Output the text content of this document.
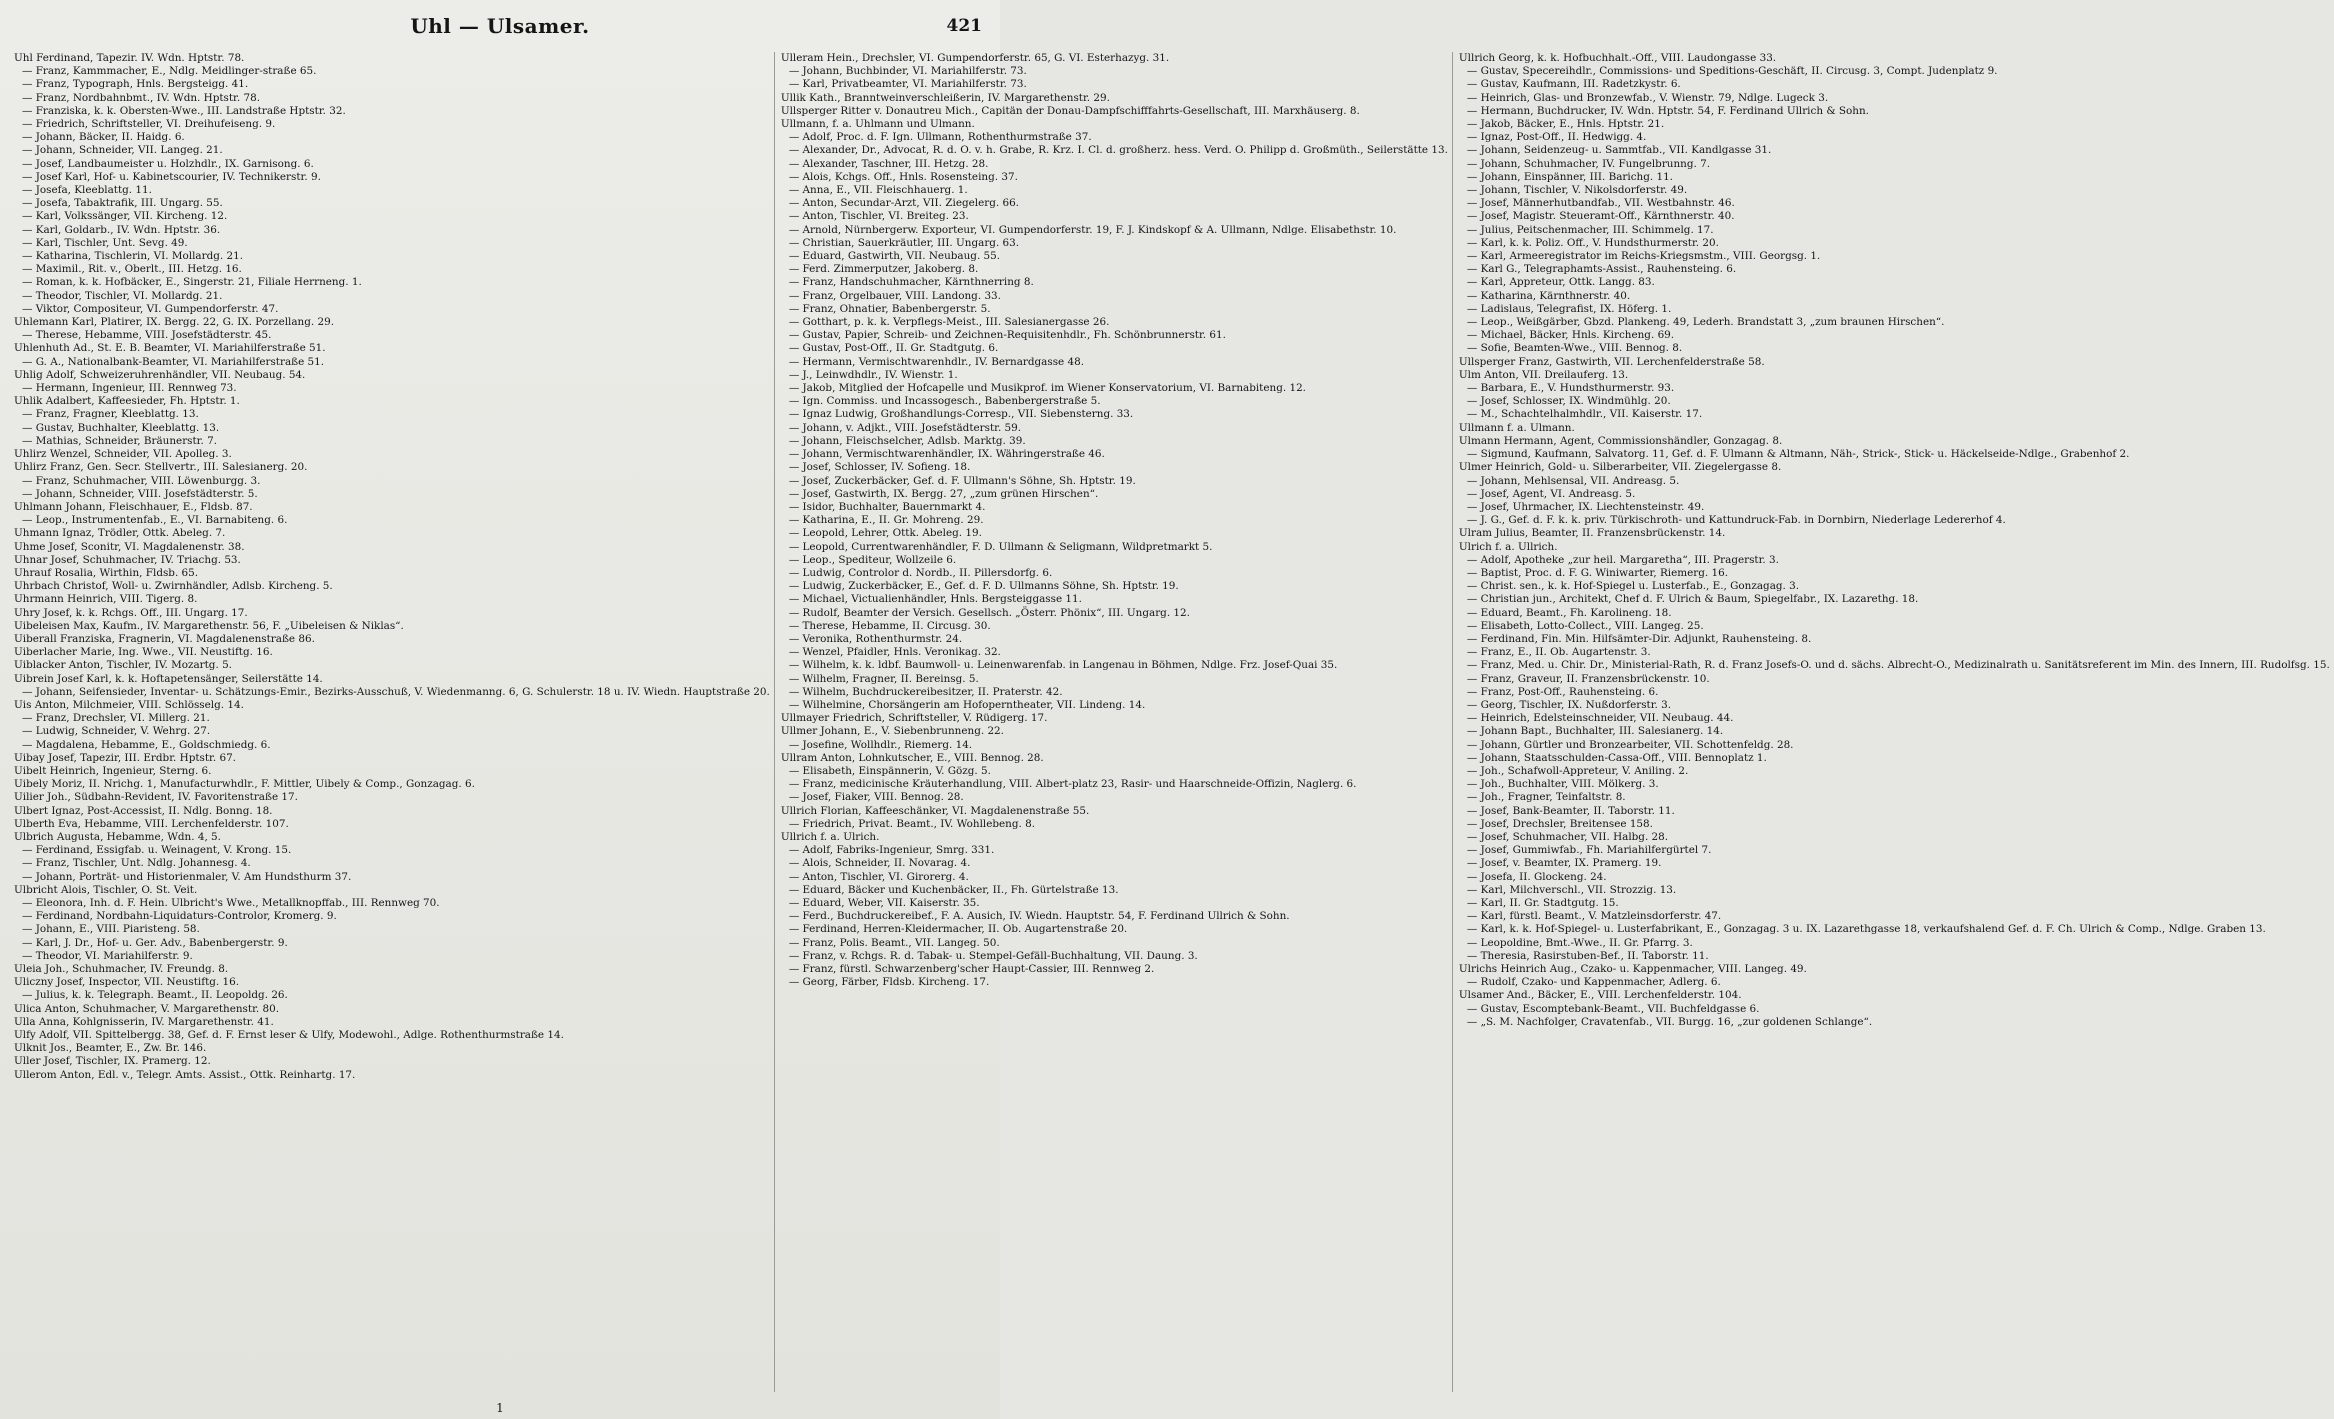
Uhl — Ulsamer.	421

Uhl Ferdinand, Tapezir. IV. Wdn. Hptstr. 78.

— Franz, Kammmacher, E., Ndlg. Meidlinger-straße 65.

— Franz, Typograph, Hnls. Bergsteigg. 41.

— Franz, Nordbahnbmt., IV. Wdn. Hptstr. 78.

— Franziska, k. k. Obersten-Wwe., III. Landstraße Hptstr. 32.

— Friedrich, Schriftsteller, VI. Dreihufeiseng. 9.

— Johann, Bäcker, II. Haidg. 6.

— Johann, Schneider, VII. Langeg. 21.

— Josef, Landbaumeister u. Holzhdlr., IX. Garnisong. 6.

— Josef Karl, Hof- u. Kabinetscourier, IV. Technikerstr. 9.

— Josefa, Kleeblattg. 11.

— Josefa, Tabaktrafik, III. Ungarg. 55.

— Karl, Volkssänger, VII. Kircheng. 12.

— Karl, Goldarb., IV. Wdn. Hptstr. 36.

— Karl, Tischler, Unt. Sevg. 49.

— Katharina, Tischlerin, VI. Mollardg. 21.

— Maximil., Rit. v., Oberlt., III. Hetzg. 16.

— Roman, k. k. Hofbäcker, E., Singerstr. 21, Filiale Herrneng. 1.

— Theodor, Tischler, VI. Mollardg. 21.

— Viktor, Compositeur, VI. Gumpendorferstr. 47.

Uhlemann Karl, Platirer, IX. Bergg. 22, G. IX. Porzellang. 29.

— Therese, Hebamme, VIII. Josefstädterstr. 45.

Uhlenhuth Ad., St. E. B. Beamter, VI. Mariahilferstraße 51.

— G. A., Nationalbank-Beamter, VI. Mariahilferstraße 51.

Uhlig Adolf, Schweizeruhrenhändler, VII. Neubaug. 54.

— Hermann, Ingenieur, III. Rennweg 73.

Uhlik Adalbert, Kaffeesieder, Fh. Hptstr. 1.

— Franz, Fragner, Kleeblattg. 13.

— Gustav, Buchhalter, Kleeblattg. 13.

— Mathias, Schneider, Bräunerstr. 7.

Uhlirz Wenzel, Schneider, VII. Apolleg. 3.

Uhlirz Franz, Gen. Secr. Stellvertr., III. Salesianerg. 20.

— Franz, Schuhmacher, VIII. Löwenburgg. 3.

— Johann, Schneider, VIII. Josefstädterstr. 5.

Uhlmann Johann, Fleischhauer, E., Fldsb. 87.

— Leop., Instrumentenfab., E., VI. Barnabiteng. 6.

Uhmann Ignaz, Trödler, Ottk. Abeleg. 7.

Uhme Josef, Sconitr, VI. Magdalenenstr. 38.

Uhnar Josef, Schuhmacher, IV. Triachg. 53.

Uhrauf Rosalia, Wirthin, Fldsb. 65.

Uhrbach Christof, Woll- u. Zwirnhändler, Adlsb. Kircheng. 5.

Uhrmann Heinrich, VIII. Tigerg. 8.

Uhry Josef, k. k. Rchgs. Off., III. Ungarg. 17.

Uibeleisen Max, Kaufm., IV. Margarethenstr. 56, F. „Uibeleisen & Niklas“.

Uiberall Franziska, Fragnerin, VI. Magdalenenstraße 86.

Uiberlacher Marie, Ing. Wwe., VII. Neustiftg. 16.

Uiblacker Anton, Tischler, IV. Mozartg. 5.

Uibrein Josef Karl, k. k. Hoftapetensänger, Seilerstätte 14.

— Johann, Seifensieder, Inventar- u. Schätzungs-Emir., Bezirks-Ausschuß, V. Wiedenmanng. 6, G. Schulerstr. 18 u. IV. Wiedn. Hauptstraße 20.

Uis Anton, Milchmeier, VIII. Schlösselg. 14.

— Franz, Drechsler, VI. Millerg. 21.

— Ludwig, Schneider, V. Wehrg. 27.

— Magdalena, Hebamme, E., Goldschmiedg. 6.

Uibay Josef, Tapezir, III. Erdbr. Hptstr. 67.

Uibelt Heinrich, Ingenieur, Sterng. 6.

Uibely Moriz, II. Nrichg. 1, Manufacturwhdlr., F. Mittler, Uibely & Comp., Gonzagag. 6.

Uilier Joh., Südbahn-Revident, IV. Favoritenstraße 17.

Ulbert Ignaz, Post-Accessist, II. Ndlg. Bonng. 18.

Ulberth Eva, Hebamme, VIII. Lerchenfelderstr. 107.

Ulbrich Augusta, Hebamme, Wdn. 4, 5.

— Ferdinand, Essigfab. u. Weinagent, V. Krong. 15.

— Franz, Tischler, Unt. Ndlg. Johannesg. 4.

— Johann, Porträt- und Historienmaler, V. Am Hundsthurm 37.

Ulbricht Alois, Tischler, O. St. Veit.

— Eleonora, Inh. d. F. Hein. Ulbricht's Wwe., Metallknopffab., III. Rennweg 70.

— Ferdinand, Nordbahn-Liquidaturs-Controlor, Kromerg. 9.

— Johann, E., VIII. Piaristeng. 58.

— Karl, J. Dr., Hof- u. Ger. Adv., Babenbergerstr. 9.

— Theodor, VI. Mariahilferstr. 9.

Uleia Joh., Schuhmacher, IV. Freundg. 8.

Uliczny Josef, Inspector, VII. Neustiftg. 16.

— Julius, k. k. Telegraph. Beamt., II. Leopoldg. 26.

Ulica Anton, Schuhmacher, V. Margarethenstr. 80.

Ulla Anna, Kohlgnisserin, IV. Margarethenstr. 41.

Ulfy Adolf, VII. Spittelbergg. 38, Gef. d. F. Ernst leser & Ulfy, Modewohl., Adlge. Rothenthurmstraße 14.

Ulknit Jos., Beamter, E., Zw. Br. 146.

Uller Josef, Tischler, IX. Pramerg. 12.

Ullerom Anton, Edl. v., Telegr. Amts. Assist., Ottk. Reinhartg. 17.

Ulleram Hein., Drechsler, VI. Gumpendorferstr. 65, G. VI. Esterhazyg. 31.

— Johann, Buchbinder, VI. Mariahilferstr. 73.

— Karl, Privatbeamter, VI. Mariahilferstr. 73.

Ullik Kath., Branntweinverschleißerin, IV. Margarethenstr. 29.

Ullsperger Ritter v. Donautreu Mich., Capitän der Donau-Dampfschifffahrts-Gesellschaft, III. Marxhäuserg. 8.

Ullmann, f. a. Uhlmann und Ulmann.

— Adolf, Proc. d. F. Ign. Ullmann, Rothenthurmstraße 37.

— Alexander, Dr., Advocat, R. d. O. v. h. Grabe, R. Krz. I. Cl. d. großherz. hess. Verd. O. Philipp d. Großmüth., Seilerstätte 13.

— Alexander, Taschner, III. Hetzg. 28.

— Alois, Kchgs. Off., Hnls. Rosensteing. 37.

— Anna, E., VII. Fleischhauerg. 1.

— Anton, Secundar-Arzt, VII. Ziegelerg. 66.

— Anton, Tischler, VI. Breiteg. 23.

— Arnold, Nürnbergerw. Exporteur, VI. Gumpendorferstr. 19, F. J. Kindskopf & A. Ullmann, Ndlge. Elisabethstr. 10.

— Christian, Sauerkräutler, III. Ungarg. 63.

— Eduard, Gastwirth, VII. Neubaug. 55.

— Ferd. Zimmerputzer, Jakoberg. 8.

— Franz, Handschuhmacher, Kärnthnerring 8.

— Franz, Orgelbauer, VIII. Landong. 33.

— Franz, Ohnatier, Babenbergerstr. 5.

— Gotthart, p. k. k. Verpflegs-Meist., III. Salesianergasse 26.

— Gustav, Papier, Schreib- und Zeichnen-Requisitenhdlr., Fh. Schönbrunnerstr. 61.

— Gustav, Post-Off., II. Gr. Stadtgutg. 6.

— Hermann, Vermischtwarenhdlr., IV. Bernardgasse 48.

— J., Leinwdhdlr., IV. Wienstr. 1.

— Jakob, Mitglied der Hofcapelle und Musikprof. im Wiener Konservatorium, VI. Barnabiteng. 12.

— Ign. Commiss. und Incassogesch., Babenbergerstraße 5.

— Ignaz Ludwig, Großhandlungs-Corresp., VII. Siebensterng. 33.

— Johann, v. Adjkt., VIII. Josefstädterstr. 59.

— Johann, Fleischselcher, Adlsb. Marktg. 39.

— Johann, Vermischtwarenhändler, IX. Währingerstraße 46.

— Josef, Schlosser, IV. Sofieng. 18.

— Josef, Zuckerbäcker, Gef. d. F. Ullmann's Söhne, Sh. Hptstr. 19.

— Josef, Gastwirth, IX. Bergg. 27, „zum grünen Hirschen“.

— Isidor, Buchhalter, Bauernmarkt 4.

— Katharina, E., II. Gr. Mohreng. 29.

— Leopold, Lehrer, Ottk. Abeleg. 19.

— Leopold, Currentwarenhändler, F. D. Ullmann & Seligmann, Wildpretmarkt 5.

— Leop., Spediteur, Wollzeile 6.

— Ludwig, Controlor d. Nordb., II. Pillersdorfg. 6.

— Ludwig, Zuckerbäcker, E., Gef. d. F. D. Ullmanns Söhne, Sh. Hptstr. 19.

— Michael, Victualienhändler, Hnls. Bergsteiggasse 11.

— Rudolf, Beamter der Versich. Gesellsch. „Österr. Phönix“, III. Ungarg. 12.

— Therese, Hebamme, II. Circusg. 30.

— Veronika, Rothenthurmstr. 24.

— Wenzel, Pfaidler, Hnls. Veronikag. 32.

— Wilhelm, k. k. ldbf. Baumwoll- u. Leinenwarenfab. in Langenau in Böhmen, Ndlge. Frz. Josef-Quai 35.

— Wilhelm, Fragner, II. Bereinsg. 5.

— Wilhelm, Buchdruckereibesitzer, II. Praterstr. 42.

— Wilhelmine, Chorsängerin am Hofoperntheater, VII. Lindeng. 14.

Ullmayer Friedrich, Schriftsteller, V. Rüdigerg. 17.

Ullmer Johann, E., V. Siebenbrunneng. 22.

— Josefine, Wollhdlr., Riemerg. 14.

Ullram Anton, Lohnkutscher, E., VIII. Bennog. 28.

— Elisabeth, Einspännerin, V. Gözg. 5.

— Franz, medicinische Kräuterhandlung, VIII. Albert-platz 23, Rasir- und Haarschneide-Offizin, Naglerg. 6.

— Josef, Fiaker, VIII. Bennog. 28.

Ullrich Florian, Kaffeeschänker, VI. Magdalenenstraße 55.

— Friedrich, Privat. Beamt., IV. Wohllebeng. 8.

Ullrich f. a. Ulrich.

— Adolf, Fabriks-Ingenieur, Smrg. 331.

— Alois, Schneider, II. Novarag. 4.

— Anton, Tischler, VI. Girorerg. 4.

— Eduard, Bäcker und Kuchenbäcker, II., Fh. Gürtelstraße 13.

— Eduard, Weber, VII. Kaiserstr. 35.

— Ferd., Buchdruckereibef., F. A. Ausich, IV. Wiedn. Hauptstr. 54, F. Ferdinand Ullrich & Sohn.

— Ferdinand, Herren-Kleidermacher, II. Ob. Augartenstraße 20.

— Franz, Polis. Beamt., VII. Langeg. 50.

— Franz, v. Rchgs. R. d. Tabak- u. Stempel-Gefäll-Buchhaltung, VII. Daung. 3.

— Franz, fürstl. Schwarzenberg'scher Haupt-Cassier, III. Rennweg 2.

— Georg, Färber, Fldsb. Kircheng. 17.

Ullrich Georg, k. k. Hofbuchhalt.-Off., VIII. Laudongasse 33.

— Gustav, Specereihdlr., Commissions- und Speditions-Geschäft, II. Circusg. 3, Compt. Judenplatz 9.

— Gustav, Kaufmann, III. Radetzkystr. 6.

— Heinrich, Glas- und Bronzewfab., V. Wienstr. 79, Ndlge. Lugeck 3.

— Hermann, Buchdrucker, IV. Wdn. Hptstr. 54, F. Ferdinand Ullrich & Sohn.

— Jakob, Bäcker, E., Hnls. Hptstr. 21.

— Ignaz, Post-Off., II. Hedwigg. 4.

— Johann, Seidenzeug- u. Sammtfab., VII. Kandlgasse 31.

— Johann, Schuhmacher, IV. Fungelbrunng. 7.

— Johann, Einspänner, III. Barichg. 11.

— Johann, Tischler, V. Nikolsdorferstr. 49.

— Josef, Männerhutbandfab., VII. Westbahnstr. 46.

— Josef, Magistr. Steueramt-Off., Kärnthnerstr. 40.

— Julius, Peitschenmacher, III. Schimmelg. 17.

— Karl, k. k. Poliz. Off., V. Hundsthurmerstr. 20.

— Karl, Armeeregistrator im Reichs-Kriegsmstm., VIII. Georgsg. 1.

— Karl G., Telegraphamts-Assist., Rauhensteing. 6.

— Karl, Appreteur, Ottk. Langg. 83.

— Katharina, Kärnthnerstr. 40.

— Ladislaus, Telegrafist, IX. Höferg. 1.

— Leop., Weißgärber, Gbzd. Plankeng. 49, Lederh. Brandstatt 3, „zum braunen Hirschen“.

— Michael, Bäcker, Hnls. Kircheng. 69.

— Sofie, Beamten-Wwe., VIII. Bennog. 8.

Ullsperger Franz, Gastwirth, VII. Lerchenfelderstraße 58.

Ulm Anton, VII. Dreilauferg. 13.

— Barbara, E., V. Hundsthurmerstr. 93.

— Josef, Schlosser, IX. Windmühlg. 20.

— M., Schachtelhalmhdlr., VII. Kaiserstr. 17.

Ullmann f. a. Ulmann.

Ulmann Hermann, Agent, Commissionshändler, Gonzagag. 8.

— Sigmund, Kaufmann, Salvatorg. 11, Gef. d. F. Ulmann & Altmann, Näh-, Strick-, Stick- u. Häckelseide-Ndlge., Grabenhof 2.

Ulmer Heinrich, Gold- u. Silberarbeiter, VII. Ziegelergasse 8.

— Johann, Mehlsensal, VII. Andreasg. 5.

— Josef, Agent, VI. Andreasg. 5.

— Josef, Uhrmacher, IX. Liechtensteinstr. 49.

— J. G., Gef. d. F. k. k. priv. Türkischroth- und Kattundruck-Fab. in Dornbirn, Niederlage Ledererhof 4.

Ulram Julius, Beamter, II. Franzensbrückenstr. 14.

Ulrich f. a. Ullrich.

— Adolf, Apotheke „zur heil. Margaretha“, III. Pragerstr. 3.

— Baptist, Proc. d. F. G. Winiwarter, Riemerg. 16.

— Christ. sen., k. k. Hof-Spiegel u. Lusterfab., E., Gonzagag. 3.

— Christian jun., Architekt, Chef d. F. Ulrich & Baum, Spiegelfabr., IX. Lazarethg. 18.

— Eduard, Beamt., Fh. Karolineng. 18.

— Elisabeth, Lotto-Collect., VIII. Langeg. 25.

— Ferdinand, Fin. Min. Hilfsämter-Dir. Adjunkt, Rauhensteing. 8.

— Franz, E., II. Ob. Augartenstr. 3.

— Franz, Med. u. Chir. Dr., Ministerial-Rath, R. d. Franz Josefs-O. und d. sächs. Albrecht-O., Medizinalrath u. Sanitätsreferent im Min. des Innern, III. Rudolfsg. 15.

— Franz, Graveur, II. Franzensbrückenstr. 10.

— Franz, Post-Off., Rauhensteing. 6.

— Georg, Tischler, IX. Nußdorferstr. 3.

— Heinrich, Edelsteinschneider, VII. Neubaug. 44.

— Johann Bapt., Buchhalter, III. Salesianerg. 14.

— Johann, Gürtler und Bronzearbeiter, VII. Schottenfeldg. 28.

— Johann, Staatsschulden-Cassa-Off., VIII. Bennoplatz 1.

— Joh., Schafwoll-Appreteur, V. Aniling. 2.

— Joh., Buchhalter, VIII. Mölkerg. 3.

— Joh., Fragner, Teinfaltstr. 8.

— Josef, Bank-Beamter, II. Taborstr. 11.

— Josef, Drechsler, Breitensee 158.

— Josef, Schuhmacher, VII. Halbg. 28.

— Josef, Gummiwfab., Fh. Mariahilfergürtel 7.

— Josef, v. Beamter, IX. Pramerg. 19.

— Josefa, II. Glockeng. 24.

— Karl, Milchverschl., VII. Strozzig. 13.

— Karl, II. Gr. Stadtgutg. 15.

— Karl, fürstl. Beamt., V. Matzleinsdorferstr. 47.

— Karl, k. k. Hof-Spiegel- u. Lusterfabrikant, E., Gonzagag. 3 u. IX. Lazarethgasse 18, verkaufshalend Gef. d. F. Ch. Ulrich & Comp., Ndlge. Graben 13.

— Leopoldine, Bmt.-Wwe., II. Gr. Pfarrg. 3.

— Theresia, Rasirstuben-Bef., II. Taborstr. 11.

Ulrichs Heinrich Aug., Czako- u. Kappenmacher, VIII. Langeg. 49.

— Rudolf, Czako- und Kappenmacher, Adlerg. 6.

Ulsamer And., Bäcker, E., VIII. Lerchenfelderstr. 104.

— Gustav, Escomptebank-Beamt., VII. Buchfeldgasse 6.

— „S. M. Nachfolger, Cravatenfab., VII. Burgg. 16, „zur goldenen Schlange“.

1
